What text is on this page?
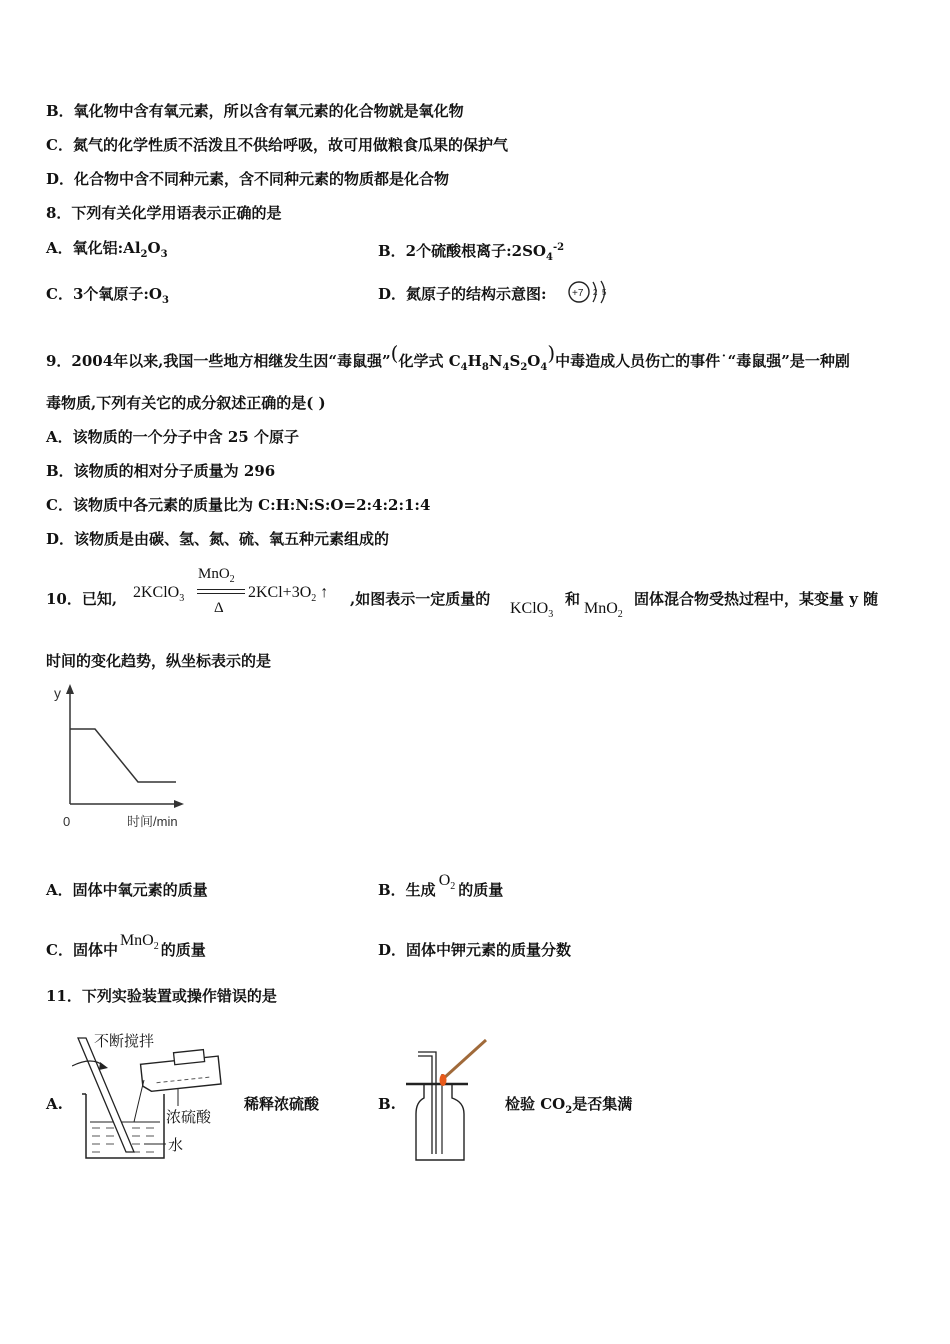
B．氧化物中含有氧元素，所以含有氧元素的化合物就是氧化物
C．氮气的化学性质不活泼且不供给呼吸，故可用做粮食瓜果的保护气
D．化合物中含不同种元素，含不同种元素的物质都是化合物
8．下列有关化学用语表示正确的是
A．氧化铝$:Al_2O_3$	B．2个硫酸根离子$:2SO_4^{-2}$
C．3个氧原子$:O_3$	D．氮原子的结构示意图:	+7 2 5
9．2004年以来,我国一些地方相继发生因“毒鼠强”(化学式 $C_4H_8N_4S_2O_4$)中毒造成人员伤亡的事件˙“毒鼠强”是一种剧
毒物质,下列有关它的成分叙述正确的是( )
A．该物质的一个分子中含 25 个原子
B．该物质的相对分子质量为 296
C．该物质中各元素的质量比为 C:H:N:S:O=2:4:2:1:4
D．该物质是由碳、氢、氮、硫、氧五种元素组成的
10．已知, 2KClO$_3$
MnO$_2$
Δ
$2KCl+3O_2$ ↑ ,如图表示一定质量的
KClO$_3$
和
MnO$_2$
固体混合物受热过程中，某变量 y 随
时间的变化趋势，纵坐标表示的是
y
0	时间/min
A．固体中氧元素的质量	B．生成$O_2$ 的质量
C．固体中MnO$_2$ 的质量	D．固体中钾元素的质量分数
11．下列实验装置或操作错误的是
A.
不断搅拌
浓硫酸
水
稀释浓硫酸	B.	检验 $CO_2$是否集满
